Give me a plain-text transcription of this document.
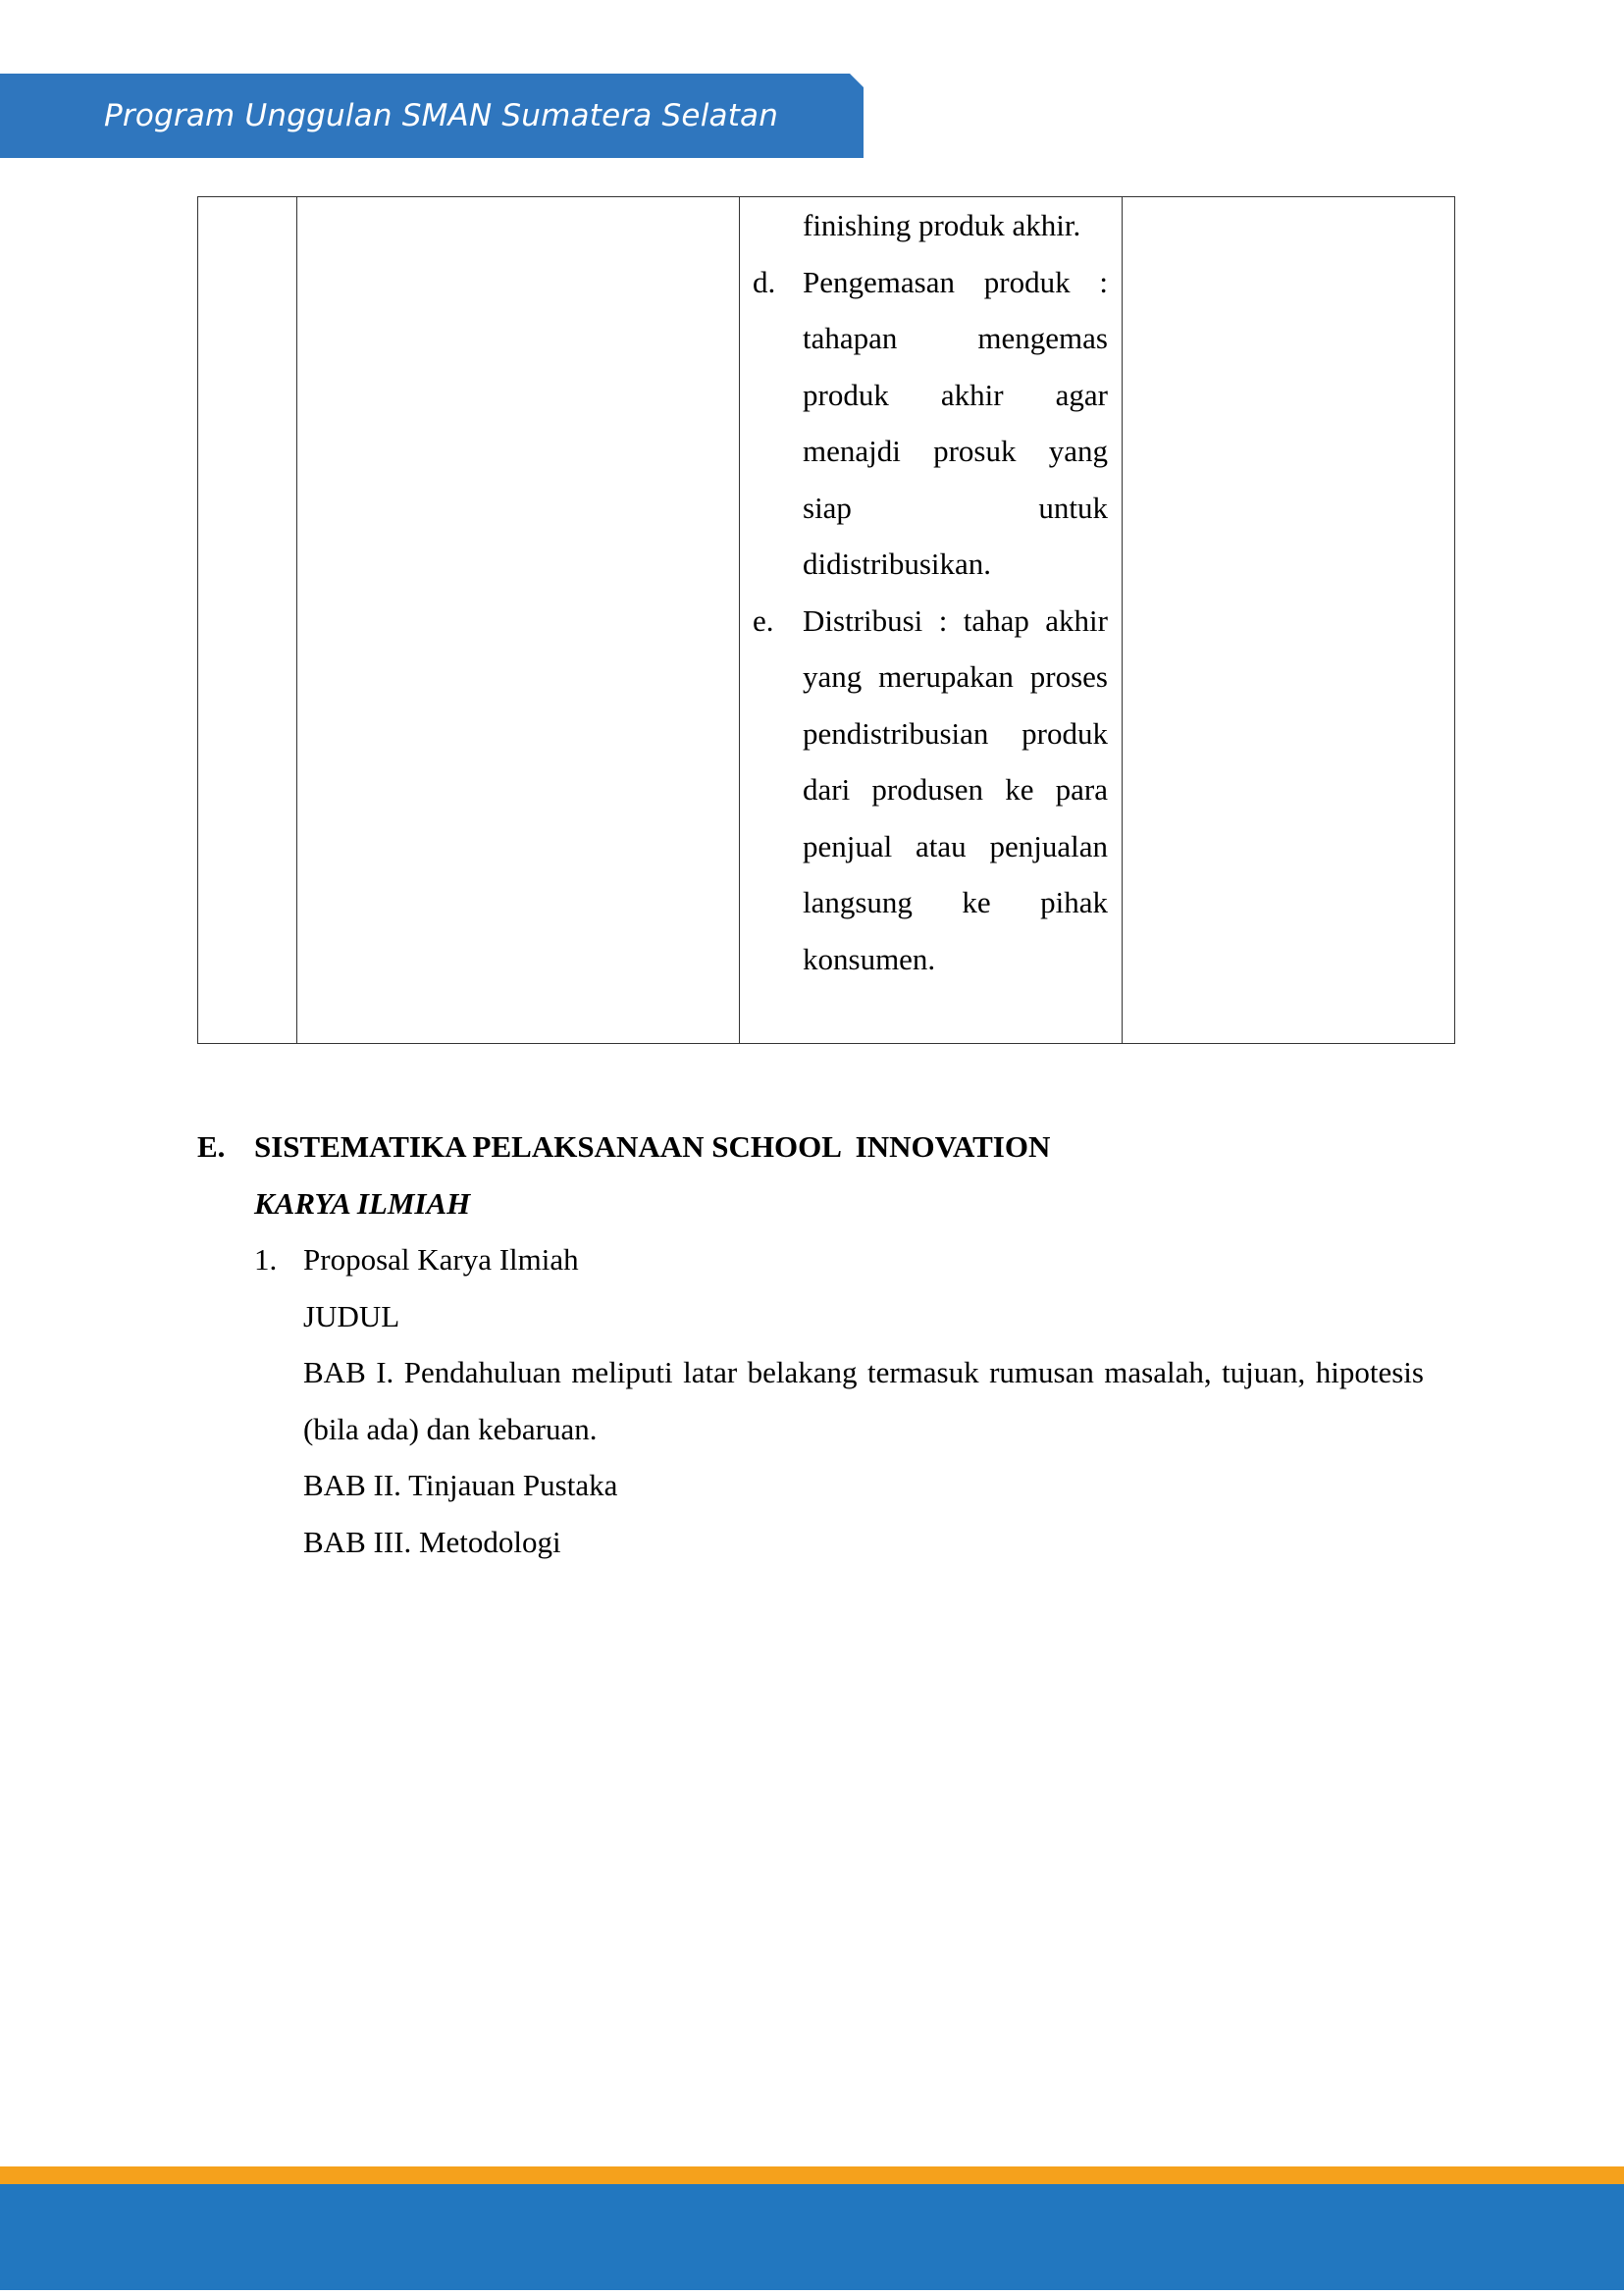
Program Unggulan SMAN Sumatera Selatan

finishing produk akhir.
d. Pengemasan produk : tahapan mengemas produk akhir agar menajdi prosuk yang siap untuk didistribusikan.
e. Distribusi : tahap akhir yang merupakan proses pendistribusian produk dari produsen ke para penjual atau penjualan langsung ke pihak konsumen.

E. SISTEMATIKA PELAKSANAAN SCHOOL  INNOVATION
KARYA ILMIAH
1. Proposal Karya Ilmiah
JUDUL
BAB I. Pendahuluan meliputi latar belakang termasuk rumusan masalah, tujuan, hipotesis (bila ada) dan kebaruan.
BAB II. Tinjauan Pustaka
BAB III. Metodologi
